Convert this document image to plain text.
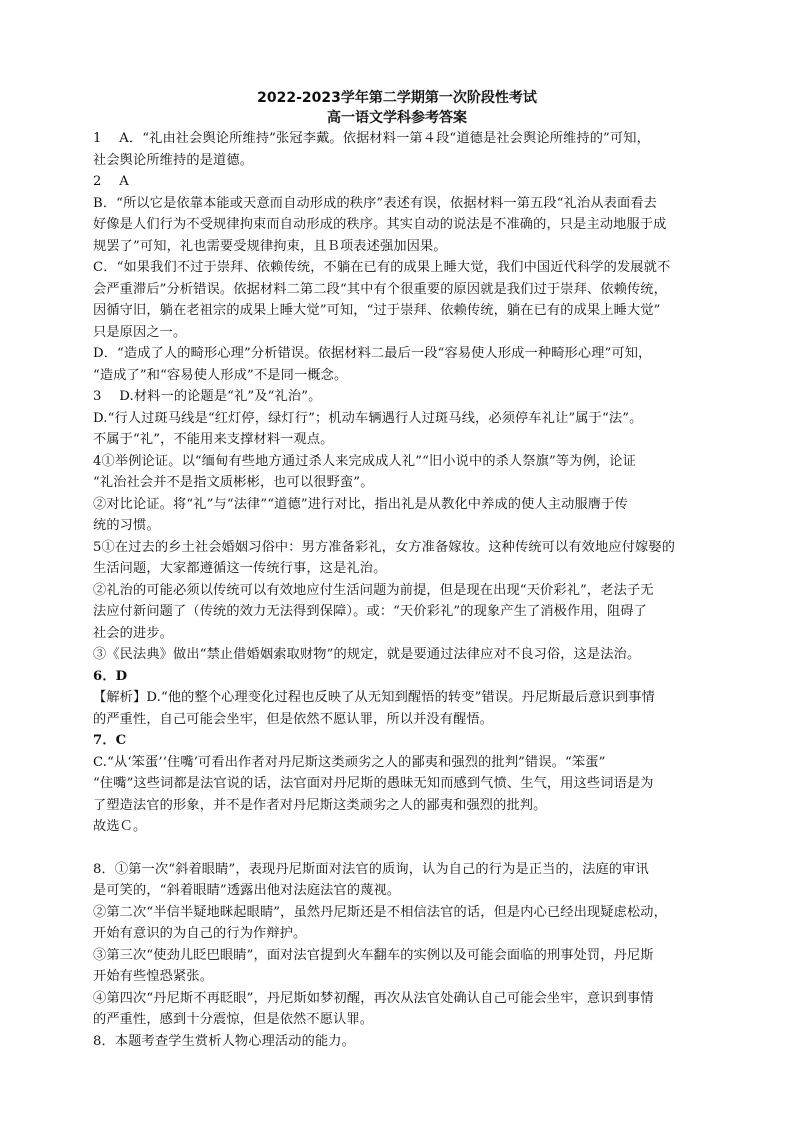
2022-2023学年第二学期第一次阶段性考试
高一语文学科参考答案

1　 A．“礼由社会舆论所维持”张冠李戴。依据材料一第４段“道德是社会舆论所维持的”可知，

社会舆论所维持的是道德。

2　 A

B．“所以它是依靠本能或天意而自动形成的秩序”表述有误，依据材料一第五段“礼治从表面看去

好像是人们行为不受规律拘束而自动形成的秩序。其实自动的说法是不准确的，只是主动地服于成

规罢了”可知，礼也需要受规律拘束，且Ｂ项表述强加因果。

C．“如果我们不过于崇拜、依赖传统，不躺在已有的成果上睡大觉，我们中国近代科学的发展就不

会严重滞后”分析错误。依据材料二第二段“其中有个很重要的原因就是我们过于崇拜、依赖传统，

因循守旧，躺在老祖宗的成果上睡大觉”可知，“过于崇拜、依赖传统，躺在已有的成果上睡大觉”

只是原因之一。

D．“造成了人的畸形心理”分析错误。依据材料二最后一段“容易使人形成一种畸形心理”可知，

“造成了”和“容易使人形成”不是同一概念。

3　 D.材料一的论题是“礼”及“礼治”。

D.“行人过斑马线是“红灯停，绿灯行”；机动车辆遇行人过斑马线，必须停车礼让”属于“法”。

不属于“礼”，不能用来支撑材料一观点。

4①举例论证。以“缅甸有些地方通过杀人来完成成人礼”“旧小说中的杀人祭旗”等为例，论证

“礼治社会并不是指文质彬彬，也可以很野蛮”。

②对比论证。将“礼”与“法律”“道德”进行对比，指出礼是从教化中养成的使人主动服膺于传

统的习惯。

5①在过去的乡土社会婚姻习俗中：男方准备彩礼，女方准备嫁妆。这种传统可以有效地应付嫁娶的

生活问题，大家都遵循这一传统行事，这是礼治。

②礼治的可能必须以传统可以有效地应付生活问题为前提，但是现在出现“天价彩礼”，老法子无

法应付新问题了（传统的效力无法得到保障）。或：“天价彩礼”的现象产生了消极作用，阻碍了

社会的进步。

③《民法典》做出“禁止借婚姻索取财物”的规定，就是要通过法律应对不良习俗，这是法治。

6．D

【解析】D.“他的整个心理变化过程也反映了从无知到醒悟的转变”错误。丹尼斯最后意识到事情

的严重性，自己可能会坐牢，但是依然不愿认罪，所以并没有醒悟。

7．C

C.“从‘笨蛋’‘住嘴’可看出作者对丹尼斯这类顽劣之人的鄙夷和强烈的批判”错误。“笨蛋”

“住嘴”这些词都是法官说的话，法官面对丹尼斯的愚昧无知而感到气愤、生气，用这些词语是为

了塑造法官的形象，并不是作者对丹尼斯这类顽劣之人的鄙夷和强烈的批判。

故选Ｃ。

8．①第一次“斜着眼睛”，表现丹尼斯面对法官的质询，认为自己的行为是正当的，法庭的审讯

是可笑的，“斜着眼睛”透露出他对法庭法官的蔑视。

②第二次“半信半疑地眯起眼睛”，虽然丹尼斯还是不相信法官的话，但是内心已经出现疑虑松动，

开始有意识的为自己的行为作辩护。

③第三次“使劲儿眨巴眼睛”，面对法官提到火车翻车的实例以及可能会面临的刑事处罚，丹尼斯

开始有些惶恐紧张。

④第四次“丹尼斯不再眨眼”，丹尼斯如梦初醒，再次从法官处确认自己可能会坐牢，意识到事情

的严重性，感到十分震惊，但是依然不愿认罪。

8．本题考查学生赏析人物心理活动的能力。
